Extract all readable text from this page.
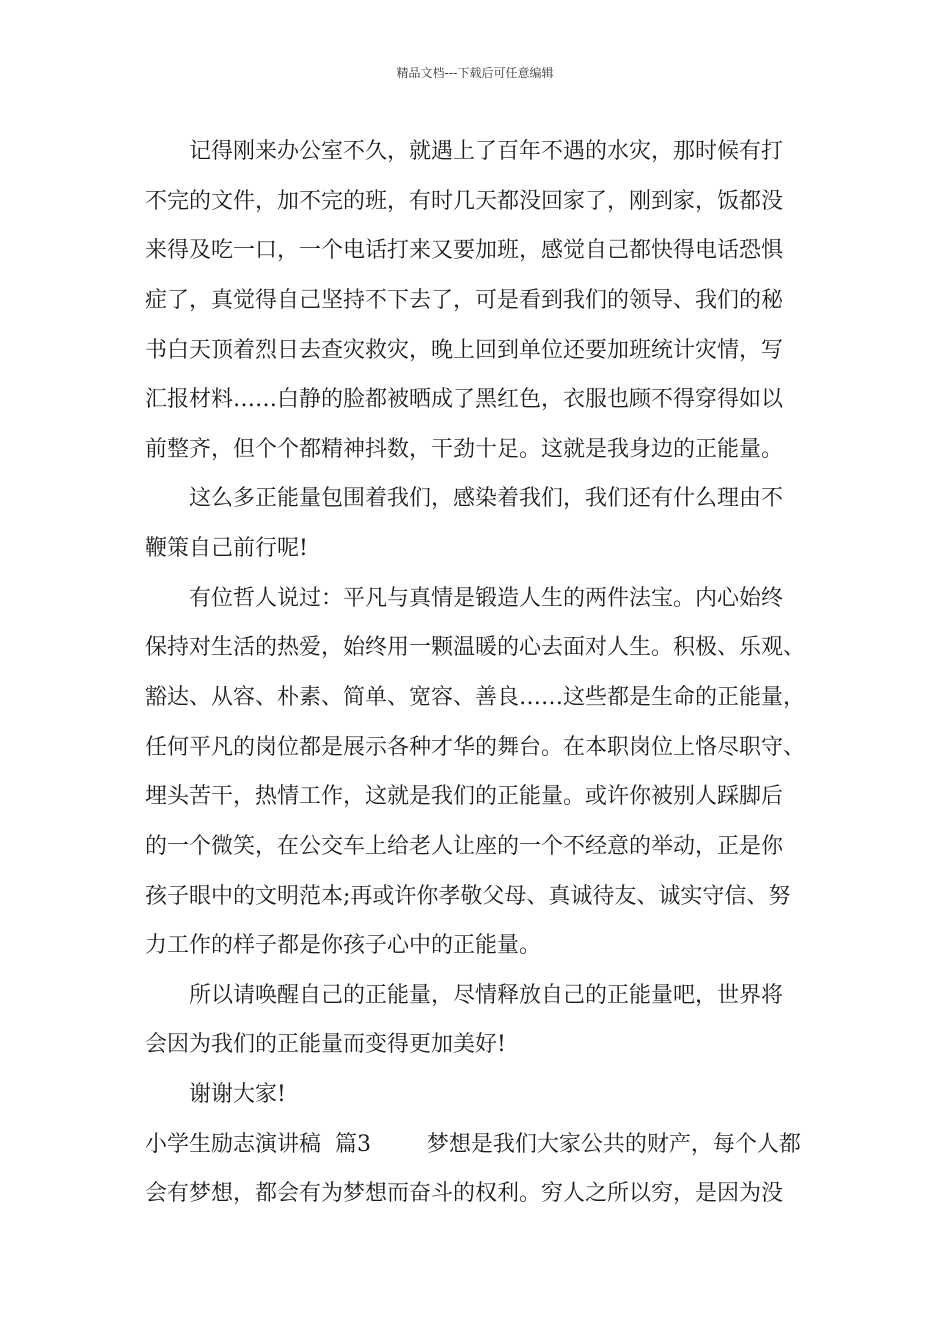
精品文档---下载后可任意编辑
记得刚来办公室不久，就遇上了百年不遇的水灾，那时候有打
不完的文件，加不完的班，有时几天都没回家了，刚到家，饭都没
来得及吃一口，一个电话打来又要加班，感觉自己都快得电话恐惧
症了，真觉得自己坚持不下去了，可是看到我们的领导、我们的秘
书白天顶着烈日去查灾救灾，晚上回到单位还要加班统计灾情，写
汇报材料……白静的脸都被晒成了黑红色，衣服也顾不得穿得如以
前整齐，但个个都精神抖数，干劲十足。这就是我身边的正能量。
这么多正能量包围着我们，感染着我们，我们还有什么理由不
鞭策自己前行呢!
有位哲人说过：平凡与真情是锻造人生的两件法宝。内心始终
保持对生活的热爱，始终用一颗温暖的心去面对人生。积极、乐观、
豁达、从容、朴素、简单、宽容、善良……这些都是生命的正能量，
任何平凡的岗位都是展示各种才华的舞台。在本职岗位上恪尽职守、
埋头苦干，热情工作，这就是我们的正能量。或许你被别人踩脚后
的一个微笑，在公交车上给老人让座的一个不经意的举动，正是你
孩子眼中的文明范本;再或许你孝敬父母、真诚待友、诚实守信、努
力工作的样子都是你孩子心中的正能量。
所以请唤醒自己的正能量，尽情释放自己的正能量吧，世界将
会因为我们的正能量而变得更加美好!
谢谢大家!
小学生励志演讲稿  篇3        梦想是我们大家公共的财产，每个人都
会有梦想，都会有为梦想而奋斗的权利。穷人之所以穷，是因为没
